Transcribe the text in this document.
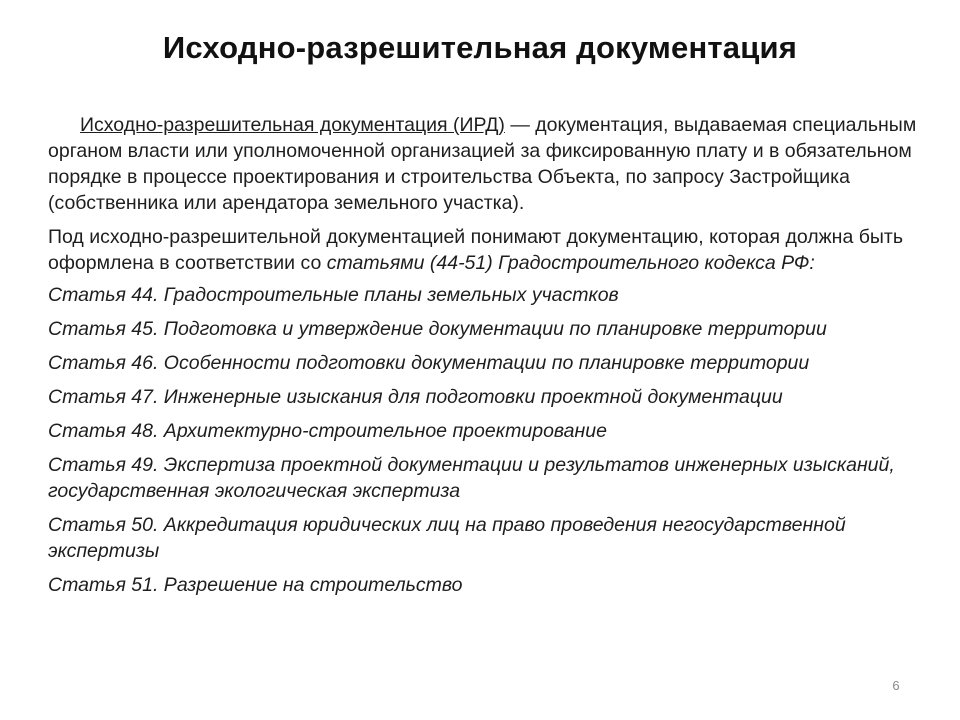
Исходно-разрешительная документация

Исходно-разрешительная документация (ИРД) — документация, выдаваемая специальным органом власти или уполномоченной организацией за фиксированную плату и в обязательном порядке в процессе проектирования и строительства Объекта, по запросу Застройщика (собственника или арендатора земельного участка).

Под исходно-разрешительной документацией понимают документацию, которая должна быть оформлена в соответствии со статьями (44-51) Градостроительного кодекса РФ:

Статья 44. Градостроительные планы земельных участков

Статья 45. Подготовка и утверждение документации по планировке территории

Статья 46. Особенности подготовки документации по планировке территории

Статья 47. Инженерные изыскания для подготовки проектной документации

Статья 48. Архитектурно-строительное проектирование

Статья 49. Экспертиза проектной документации и результатов инженерных изысканий, государственная экологическая экспертиза

Статья 50. Аккредитация юридических лиц на право проведения негосударственной экспертизы

Статья 51. Разрешение на строительство

6
